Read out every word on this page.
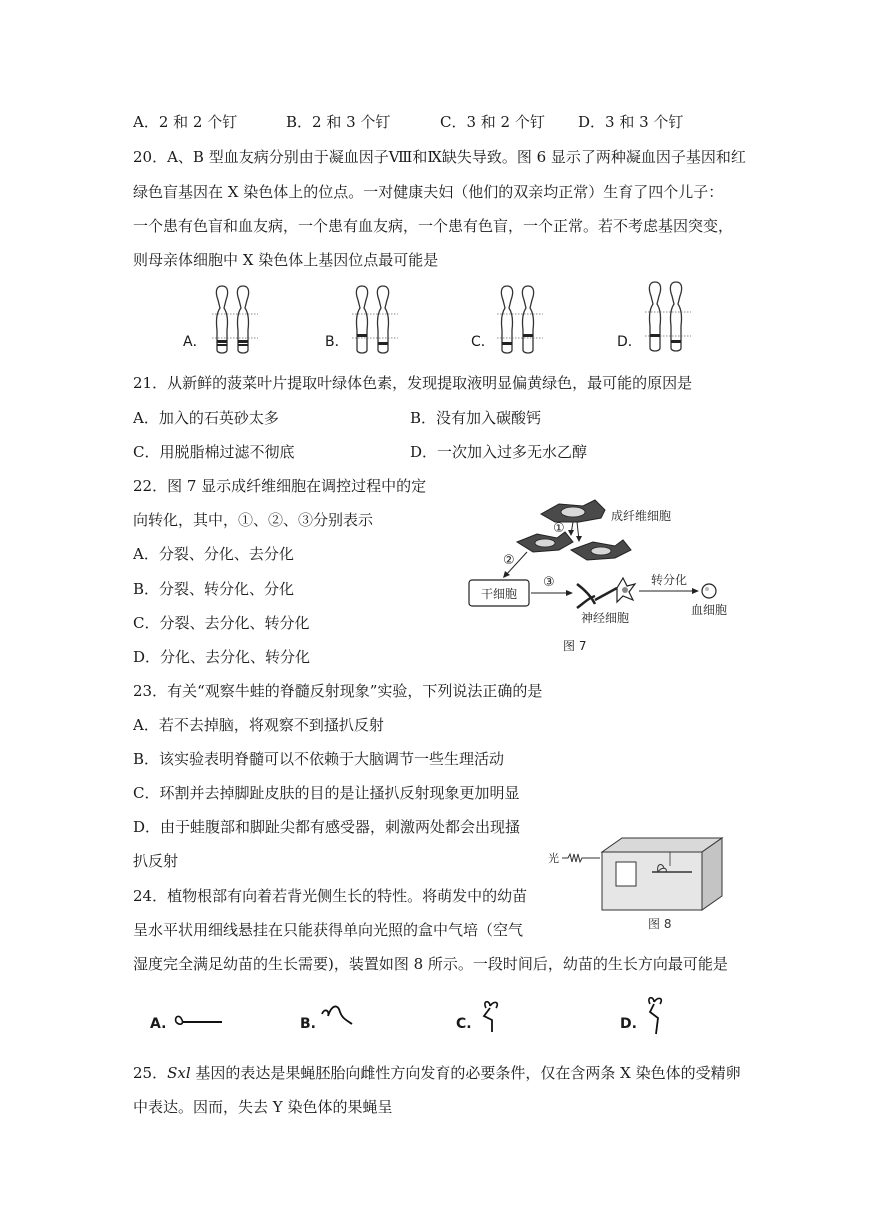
A．2 和 2 个钉	B．2 和 3 个钉	C．3 和 2 个钉 D．3 和 3 个钉
20．A、B 型血友病分别由于凝血因子Ⅷ和Ⅸ缺失导致。图 6 显示了两种凝血因子基因和红
绿色盲基因在 X 染色体上的位点。一对健康夫妇（他们的双亲均正常）生育了四个儿子：
一个患有色盲和血友病，一个患有血友病，一个患有色盲，一个正常。若不考虑基因突变，
则母亲体细胞中 X 染色体上基因位点最可能是
A．	B．	C．	D．
21．从新鲜的菠菜叶片提取叶绿体色素，发现提取液明显偏黄绿色，最可能的原因是
A．加入的石英砂太多	B．没有加入碳酸钙
C．用脱脂棉过滤不彻底	D．一次加入过多无水乙醇
22．图 7 显示成纤维细胞在调控过程中的定
向转化，其中，①、②、③分别表示
A．分裂、分化、去分化
B．分裂、转分化、分化
C．分裂、去分化、转分化
D．分化、去分化、转分化
①
②
成纤维细胞
干细胞
③
神经细胞
转分化
血细胞
图 7
23．有关“观察牛蛙的脊髓反射现象”实验，下列说法正确的是
A．若不去掉脑，将观察不到搔扒反射
B．该实验表明脊髓可以不依赖于大脑调节一些生理活动
C．环割并去掉脚趾皮肤的目的是让搔扒反射现象更加明显
D．由于蛙腹部和脚趾尖都有感受器，刺激两处都会出现搔
扒反射	光
图 8
24．植物根部有向着若背光侧生长的特性。将萌发中的幼苗
呈水平状用细线悬挂在只能获得单向光照的盒中气培（空气
湿度完全满足幼苗的生长需要)，装置如图 8 所示。一段时间后，幼苗的生长方向最可能是
A.	B.	C.	D.
25．Sxl 基因的表达是果蝇胚胎向雌性方向发育的必要条件，仅在含两条 X 染色体的受精卵
中表达。因而，失去 Y 染色体的果蝇呈
